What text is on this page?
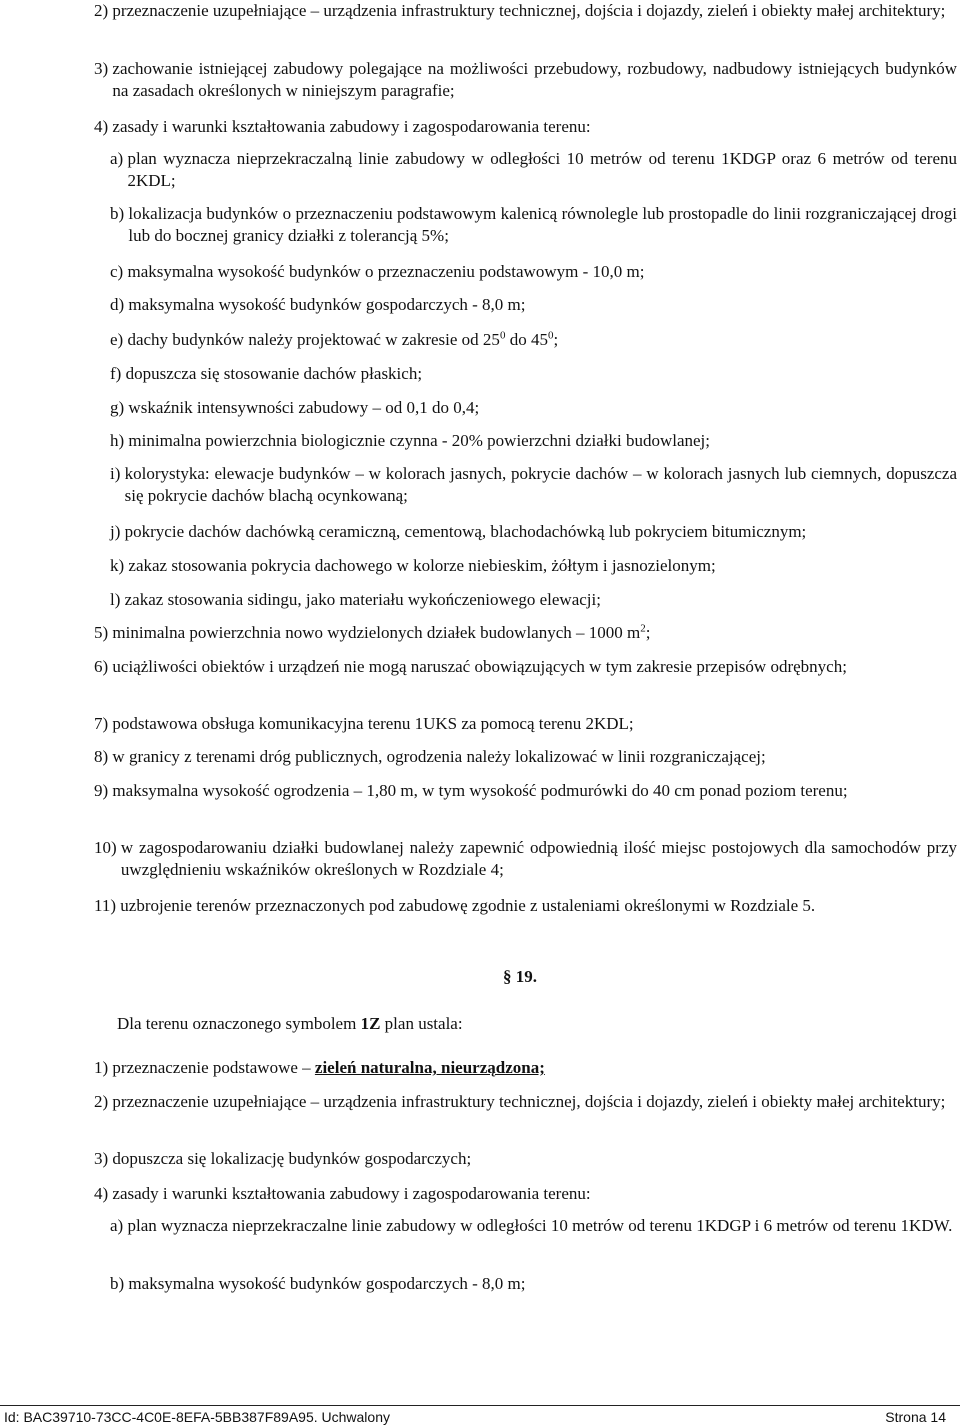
2) przeznaczenie uzupełniające – urządzenia infrastruktury technicznej, dojścia i dojazdy, zieleń i obiekty małej architektury;
3) zachowanie istniejącej zabudowy polegające na możliwości przebudowy, rozbudowy, nadbudowy istniejących budynków na zasadach określonych w niniejszym paragrafie;
4) zasady i warunki kształtowania zabudowy i zagospodarowania terenu:
a) plan wyznacza nieprzekraczalną linie zabudowy w odległości 10 metrów od terenu 1KDGP oraz 6 metrów od terenu 2KDL;
b) lokalizacja budynków o przeznaczeniu podstawowym kalenicą równolegle lub prostopadle do linii rozgraniczającej drogi lub do bocznej granicy działki z tolerancją 5%;
c) maksymalna wysokość budynków o przeznaczeniu podstawowym - 10,0 m;
d) maksymalna wysokość budynków gospodarczych - 8,0 m;
e) dachy budynków należy projektować w zakresie od $25^0$ do $45^0$;
f) dopuszcza się stosowanie dachów płaskich;
g) wskaźnik intensywności zabudowy – od 0,1 do 0,4;
h) minimalna powierzchnia biologicznie czynna - 20% powierzchni działki budowlanej;
i) kolorystyka: elewacje budynków – w kolorach jasnych, pokrycie dachów – w kolorach jasnych lub ciemnych, dopuszcza się pokrycie dachów blachą ocynkowaną;
j) pokrycie dachów dachówką ceramiczną, cementową, blachodachówką lub pokryciem bitumicznym;
k) zakaz stosowania pokrycia dachowego w kolorze niebieskim, żółtym i jasnozielonym;
l) zakaz stosowania sidingu, jako materiału wykończeniowego elewacji;
5) minimalna powierzchnia nowo wydzielonych działek budowlanych – 1000 $m^2$;
6) uciążliwości obiektów i urządzeń nie mogą naruszać obowiązujących w tym zakresie przepisów odrębnych;
7) podstawowa obsługa komunikacyjna terenu 1UKS za pomocą terenu 2KDL;
8) w granicy z terenami dróg publicznych, ogrodzenia należy lokalizować w linii rozgraniczającej;
9) maksymalna wysokość ogrodzenia – 1,80 m, w tym wysokość podmurówki do 40 cm ponad poziom terenu;
10) w zagospodarowaniu działki budowlanej należy zapewnić odpowiednią ilość miejsc postojowych dla samochodów przy uwzględnieniu wskaźników określonych w Rozdziale 4;
11) uzbrojenie terenów przeznaczonych pod zabudowę zgodnie z ustaleniami określonymi w Rozdziale 5.
§ 19.
Dla terenu oznaczonego symbolem 1Z plan ustala:
1) przeznaczenie podstawowe – zieleń naturalna, nieurządzona;
2) przeznaczenie uzupełniające – urządzenia infrastruktury technicznej, dojścia i dojazdy, zieleń i obiekty małej architektury;
3) dopuszcza się lokalizację budynków gospodarczych;
4) zasady i warunki kształtowania zabudowy i zagospodarowania terenu:
a) plan wyznacza nieprzekraczalne linie zabudowy w odległości 10 metrów od terenu 1KDGP i 6 metrów od terenu 1KDW.
b) maksymalna wysokość budynków gospodarczych - 8,0 m;
Id: BAC39710-73CC-4C0E-8EFA-5BB387F89A95. Uchwalony	Strona 14
